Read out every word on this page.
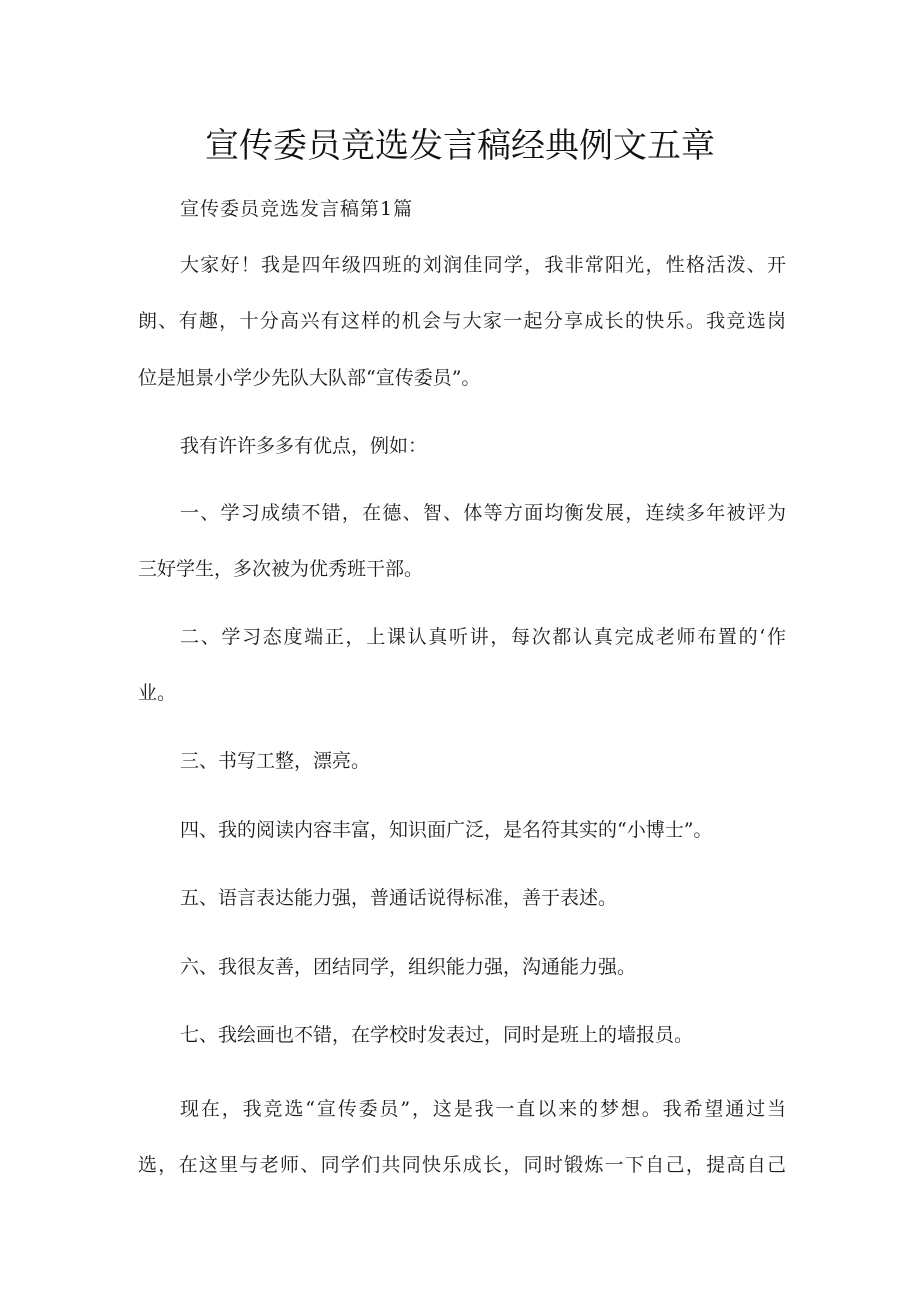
宣传委员竞选发言稿经典例文五章
宣传委员竞选发言稿第1篇
大家好！我是四年级四班的刘润佳同学，我非常阳光，性格活泼、开
朗、有趣，十分高兴有这样的机会与大家一起分享成长的快乐。我竞选岗
位是旭景小学少先队大队部“宣传委员”。
我有许许多多有优点，例如：
一、学习成绩不错，在德、智、体等方面均衡发展，连续多年被评为
三好学生，多次被为优秀班干部。
二、学习态度端正，上课认真听讲，每次都认真完成老师布置的‘作
业。
三、书写工整，漂亮。
四、我的阅读内容丰富，知识面广泛，是名符其实的“小博士”。
五、语言表达能力强，普通话说得标准，善于表述。
六、我很友善，团结同学，组织能力强，沟通能力强。
七、我绘画也不错，在学校时发表过，同时是班上的墙报员。
现在，我竞选“宣传委员”，这是我一直以来的梦想。我希望通过当
选，在这里与老师、同学们共同快乐成长，同时锻炼一下自己，提高自己
